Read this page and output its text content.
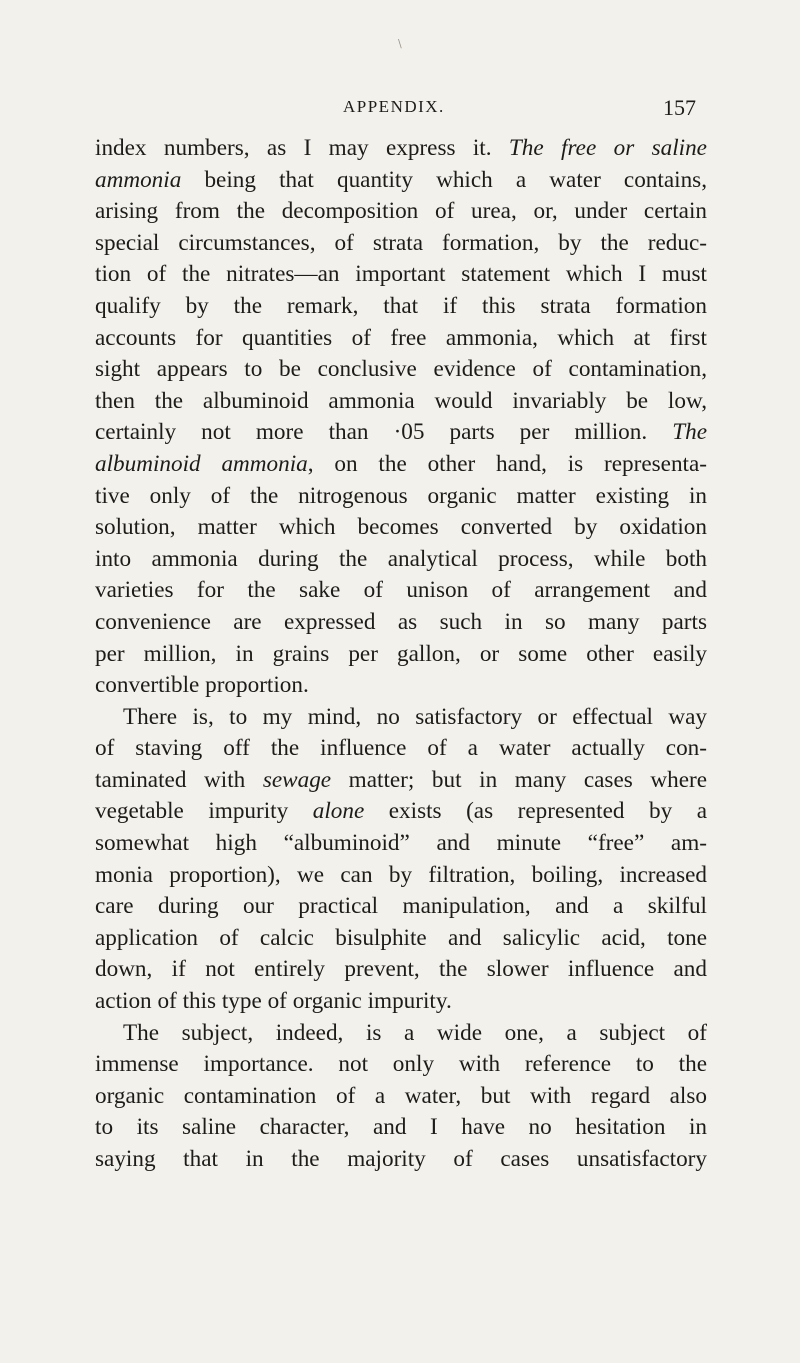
\
APPENDIX.	157
index numbers, as I may express it. The free or saline
ammonia being that quantity which a water contains,
arising from the decomposition of urea, or, under certain
special circumstances, of strata formation, by the reduc-
tion of the nitrates—an important statement which I must
qualify by the remark, that if this strata formation
accounts for quantities of free ammonia, which at first
sight appears to be conclusive evidence of contamination,
then the albuminoid ammonia would invariably be low,
certainly not more than ·05 parts per million. The
albuminoid ammonia, on the other hand, is representa-
tive only of the nitrogenous organic matter existing in
solution, matter which becomes converted by oxidation
into ammonia during the analytical process, while both
varieties for the sake of unison of arrangement and
convenience are expressed as such in so many parts
per million, in grains per gallon, or some other easily
convertible proportion.
There is, to my mind, no satisfactory or effectual way
of staving off the influence of a water actually con-
taminated with sewage matter; but in many cases where
vegetable impurity alone exists (as represented by a
somewhat high “albuminoid” and minute “free” am-
monia proportion), we can by filtration, boiling, increased
care during our practical manipulation, and a skilful
application of calcic bisulphite and salicylic acid, tone
down, if not entirely prevent, the slower influence and
action of this type of organic impurity.
The subject, indeed, is a wide one, a subject of
immense importance. not only with reference to the
organic contamination of a water, but with regard also
to its saline character, and I have no hesitation in
saying that in the majority of cases unsatisfactory
